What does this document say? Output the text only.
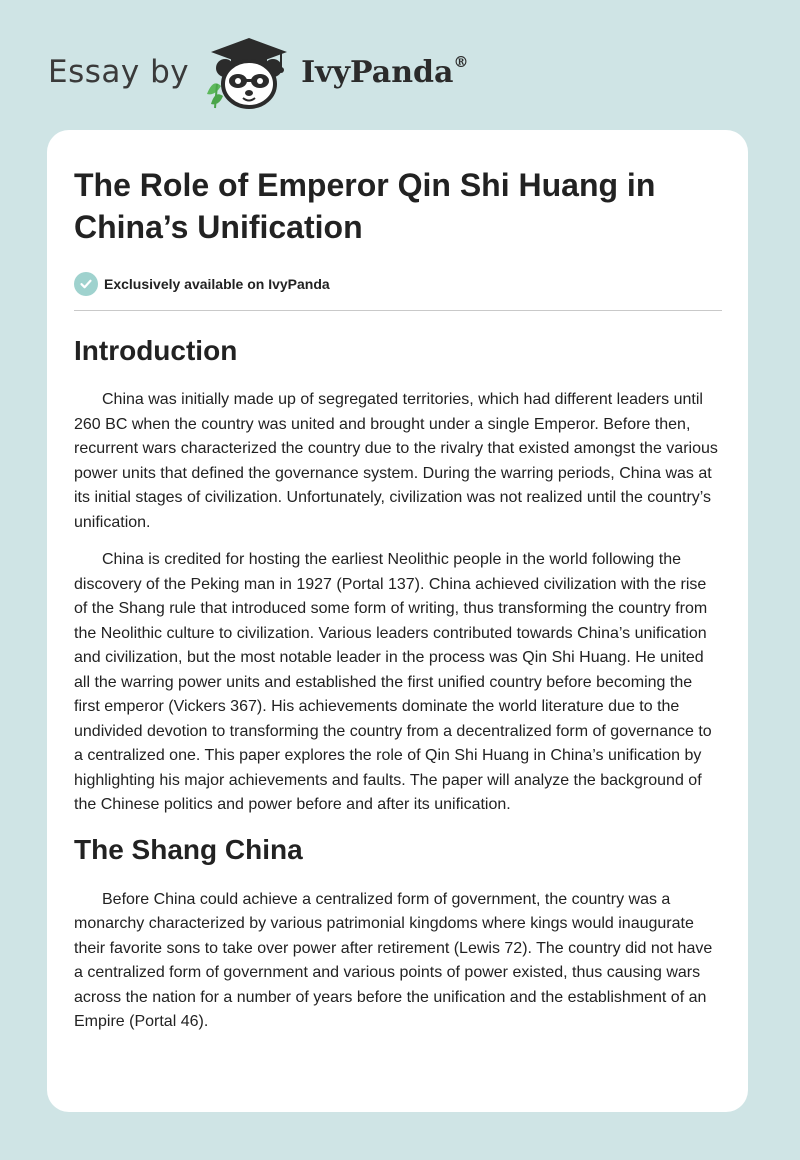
Essay by	IvyPanda®
The Role of Emperor Qin Shi Huang in China’s Unification
Exclusively available on IvyPanda
Introduction

China was initially made up of segregated territories, which had different leaders until 260 BC when the country was united and brought under a single Emperor. Before then, recurrent wars characterized the country due to the rivalry that existed amongst the various power units that defined the governance system. During the warring periods, China was at its initial stages of civilization. Unfortunately, civilization was not realized until the country’s unification.

China is credited for hosting the earliest Neolithic people in the world following the discovery of the Peking man in 1927 (Portal 137). China achieved civilization with the rise of the Shang rule that introduced some form of writing, thus transforming the country from the Neolithic culture to civilization. Various leaders contributed towards China’s unification and civilization, but the most notable leader in the process was Qin Shi Huang. He united all the warring power units and established the first unified country before becoming the first emperor (Vickers 367). His achievements dominate the world literature due to the undivided devotion to transforming the country from a decentralized form of governance to a centralized one. This paper explores the role of Qin Shi Huang in China’s unification by highlighting his major achievements and faults. The paper will analyze the background of the Chinese politics and power before and after its unification.

The Shang China

Before China could achieve a centralized form of government, the country was a monarchy characterized by various patrimonial kingdoms where kings would inaugurate their favorite sons to take over power after retirement (Lewis 72). The country did not have a centralized form of government and various points of power existed, thus causing wars across the nation for a number of years before the unification and the establishment of an Empire (Portal 46).
